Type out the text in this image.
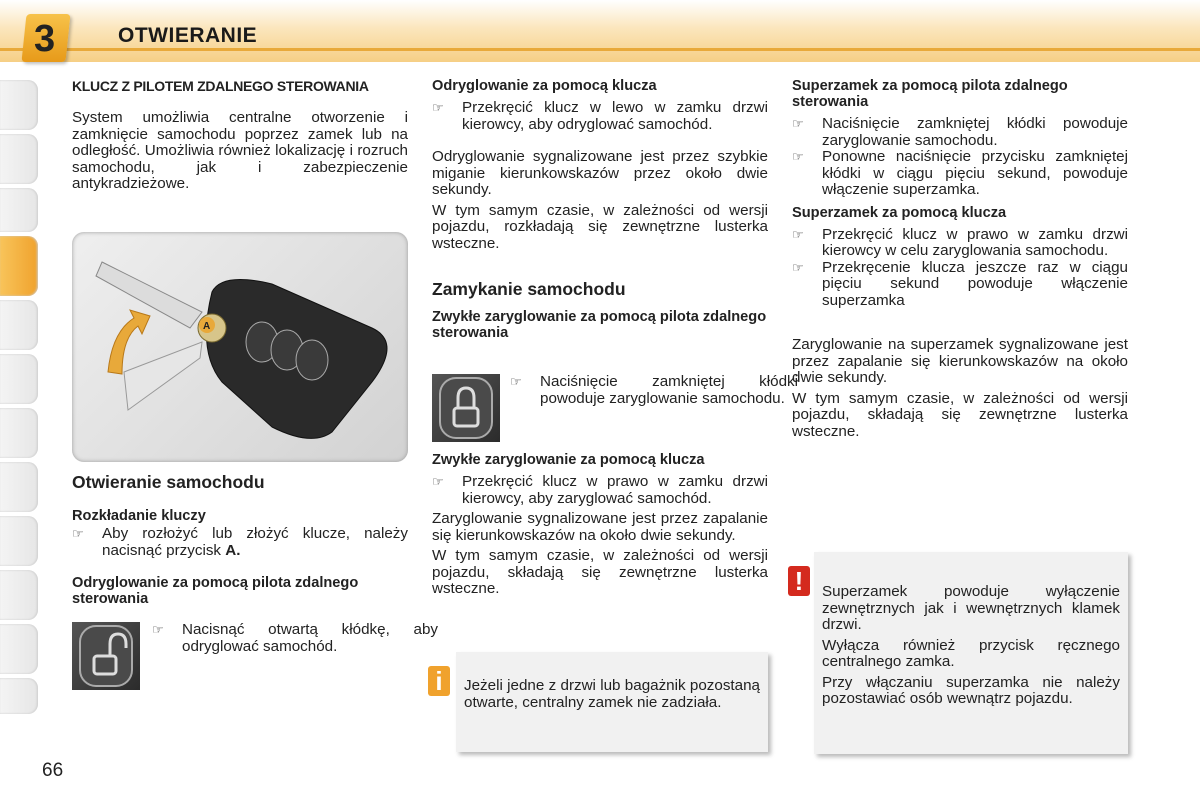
3	OTWIERANIE
KLUCZ Z PILOTEM ZDALNEGO STEROWANIA

System umożliwia centralne otworzenie i zamknięcie samochodu poprzez zamek lub na odległość. Umożliwia również lokalizację i rozruch samochodu, jak i zabezpieczenie antykradzieżowe.

A
Otwieranie samochodu
Rozkładanie kluczy
☞ Aby rozłożyć lub złożyć klucze, należy nacisnąć przycisk A.
Odryglowanie za pomocą pilota zdalnego sterowania
☞ Nacisnąć otwartą kłódkę, aby odryglować samochód.
66
Odryglowanie za pomocą klucza
☞ Przekręcić klucz w lewo w zamku drzwi kierowcy, aby odryglować samochód.

Odryglowanie sygnalizowane jest przez szybkie miganie kierunkowskazów przez około dwie sekundy.

W tym samym czasie, w zależności od wersji pojazdu, rozkładają się zewnętrzne lusterka wsteczne.

Zamykanie samochodu
Zwykłe zaryglowanie za pomocą pilota zdalnego sterowania
☞ Naciśnięcie zamkniętej kłódki powoduje zaryglowanie samochodu.
Zwykłe zaryglowanie za pomocą klucza
☞ Przekręcić klucz w prawo w zamku drzwi kierowcy, aby zaryglować samochód.

Zaryglowanie sygnalizowane jest przez zapalanie się kierunkowskazów na około dwie sekundy.

W tym samym czasie, w zależności od wersji pojazdu, składają się zewnętrzne lusterka wsteczne.

Jeżeli jedne z drzwi lub bagażnik pozostaną otwarte, centralny zamek nie zadziała.

i
Superzamek za pomocą pilota zdalnego sterowania
☞ Naciśnięcie zamkniętej kłódki powoduje zaryglowanie samochodu.
☞ Ponowne naciśnięcie przycisku zamkniętej kłódki w ciągu pięciu sekund, powoduje włączenie superzamka.
Superzamek za pomocą klucza
☞ Przekręcić klucz w prawo w zamku drzwi kierowcy w celu zaryglowania samochodu.
☞ Przekręcenie klucza jeszcze raz w ciągu pięciu sekund powoduje włączenie superzamka

Zaryglowanie na superzamek sygnalizowane jest przez zapalanie się kierunkowskazów na około dwie sekundy.

W tym samym czasie, w zależności od wersji pojazdu, składają się zewnętrzne lusterka wsteczne.

Superzamek powoduje wyłączenie zewnętrznych jak i wewnętrznych klamek drzwi.

Wyłącza również przycisk ręcznego centralnego zamka.

Przy włączaniu superzamka nie należy pozostawiać osób wewnątrz pojazdu.

!
